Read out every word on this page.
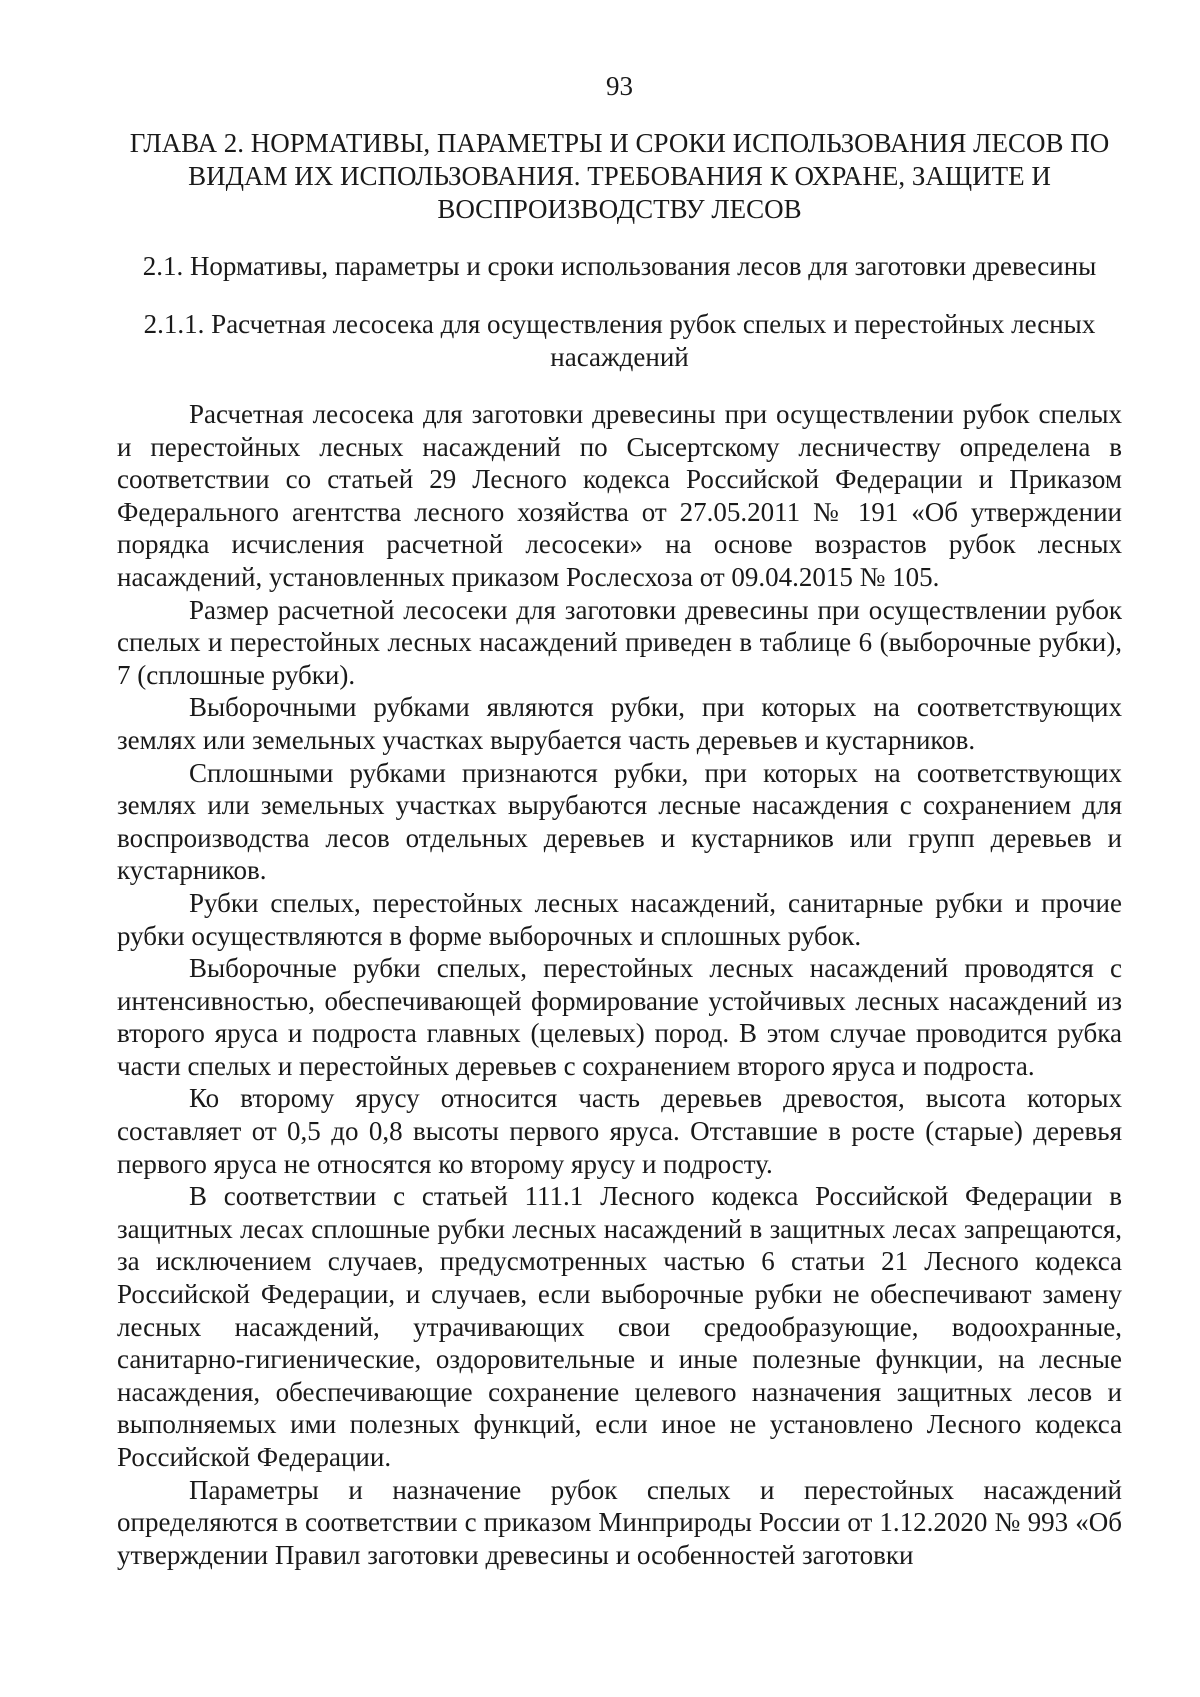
93
ГЛАВА 2. НОРМАТИВЫ, ПАРАМЕТРЫ И СРОКИ ИСПОЛЬЗОВАНИЯ ЛЕСОВ ПО ВИДАМ ИХ ИСПОЛЬЗОВАНИЯ. ТРЕБОВАНИЯ К ОХРАНЕ, ЗАЩИТЕ И ВОСПРОИЗВОДСТВУ ЛЕСОВ
2.1. Нормативы, параметры и сроки использования лесов для заготовки древесины
2.1.1. Расчетная лесосека для осуществления рубок спелых и перестойных лесных насаждений

Расчетная лесосека для заготовки древесины при осуществлении рубок спелых и перестойных лесных насаждений по Сысертскому лесничеству определена в соответствии со статьей 29 Лесного кодекса Российской Федерации и Приказом Федерального агентства лесного хозяйства от 27.05.2011 № 191 «Об утверждении порядка исчисления расчетной лесосеки» на основе возрастов рубок лесных насаждений, установленных приказом Рослесхоза от 09.04.2015 № 105.

Размер расчетной лесосеки для заготовки древесины при осуществлении рубок спелых и перестойных лесных насаждений приведен в таблице 6 (выборочные рубки), 7 (сплошные рубки).

Выборочными рубками являются рубки, при которых на соответствующих землях или земельных участках вырубается часть деревьев и кустарников.

Сплошными рубками признаются рубки, при которых на соответствующих землях или земельных участках вырубаются лесные насаждения с сохранением для воспроизводства лесов отдельных деревьев и кустарников или групп деревьев и кустарников.

Рубки спелых, перестойных лесных насаждений, санитарные рубки и прочие рубки осуществляются в форме выборочных и сплошных рубок.

Выборочные рубки спелых, перестойных лесных насаждений проводятся с интенсивностью, обеспечивающей формирование устойчивых лесных насаждений из второго яруса и подроста главных (целевых) пород. В этом случае проводится рубка части спелых и перестойных деревьев с сохранением второго яруса и подроста.

Ко второму ярусу относится часть деревьев древостоя, высота которых составляет от 0,5 до 0,8 высоты первого яруса. Отставшие в росте (старые) деревья первого яруса не относятся ко второму ярусу и подросту.

В соответствии с статьей 111.1 Лесного кодекса Российской Федерации в защитных лесах сплошные рубки лесных насаждений в защитных лесах запрещаются, за исключением случаев, предусмотренных частью 6 статьи 21 Лесного кодекса Российской Федерации, и случаев, если выборочные рубки не обеспечивают замену лесных насаждений, утрачивающих свои средообразующие, водоохранные, санитарно-гигиенические, оздоровительные и иные полезные функции, на лесные насаждения, обеспечивающие сохранение целевого назначения защитных лесов и выполняемых ими полезных функций, если иное не установлено Лесного кодекса Российской Федерации.

Параметры и назначение рубок спелых и перестойных насаждений определяются в соответствии с приказом Минприроды России от 1.12.2020 № 993 «Об утверждении Правил заготовки древесины и особенностей заготовки
